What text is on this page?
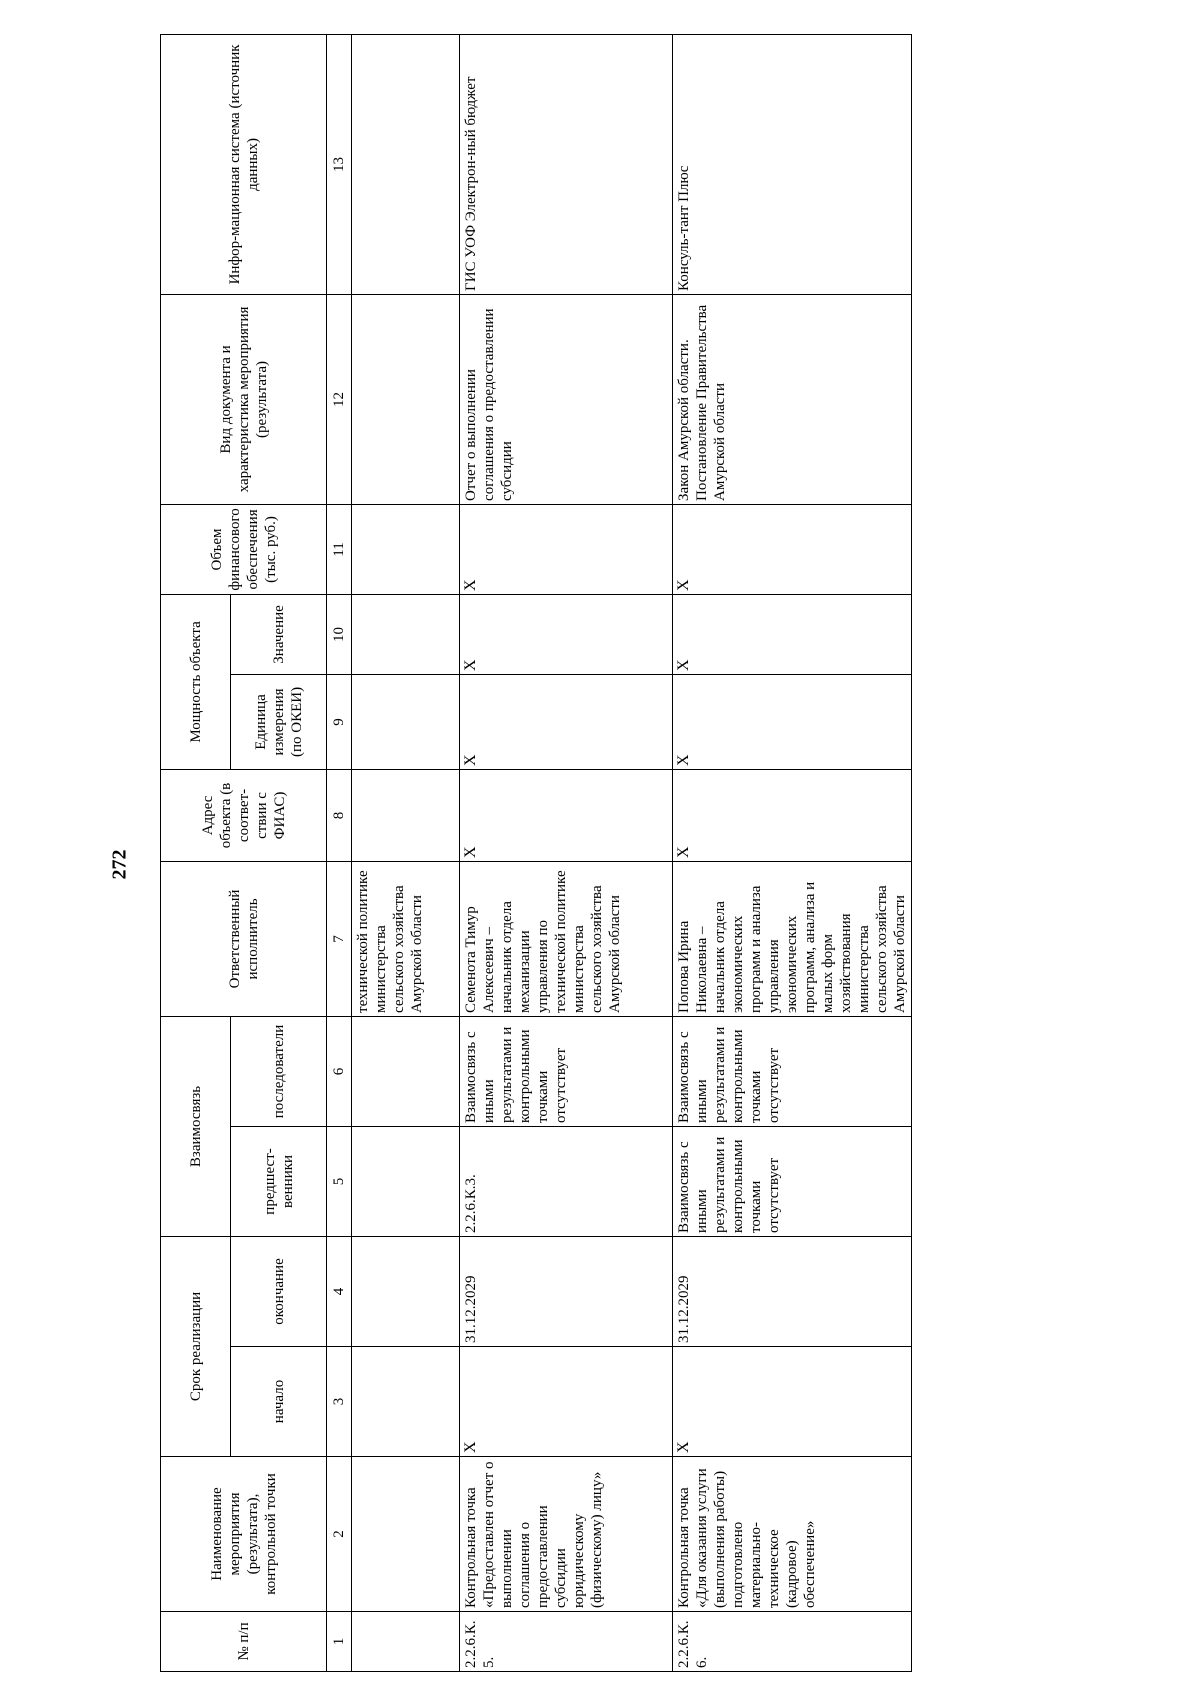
272
№ п/п	Наименование мероприятия (результата), контрольной точки	Срок реализации		Взаимосвязь		Ответственный исполнитель	Адрес объекта (в соответ-ствии с ФИАС)	Мощность объекта		Объем финансового обеспечения (тыс. руб.)	Вид документа и характеристика мероприятия (результата)	Инфор-мационная система (источник данных)
		начало	окончание	предшест-венники	последователи			Единица измерения (по ОКЕИ)	Значение			
1	2	3	4	5	6	7	8	9	10	11	12	13
						технической политике министерства сельского хозяйства Амурской области						
2.2.6.К.5.	Контрольная точка «Предоставлен отчет о выполнении соглашения о предоставлении субсидии юридическому (физическому) лицу»	Х	31.12.2029	2.2.6.К.3.	Взаимосвязь с иными результатами и контрольными точками отсутствует	Семенота Тимур Алексеевич – начальник отдела механизации управления по технической политике министерства сельского хозяйства Амурской области	Х	Х	Х	Х	Отчет о выполнении соглашения о предоставлении субсидии	ГИС УОФ Электрон-ный бюджет
2.2.6.К.6.	Контрольная точка «Для оказания услуги (выполнения работы) подготовлено материально-техническое (кадровое) обеспечение»	Х	31.12.2029	Взаимосвязь с иными результатами и контрольными точками отсутствует	Взаимосвязь с иными результатами и контрольными точками отсутствует	Попова Ирина Николаевна – начальник отдела экономических программ и анализа управления экономических программ, анализа и малых форм хозяйствования министерства сельского хозяйства Амурской области	Х	Х	Х	Х	Закон Амурской области. Постановление Правительства Амурской области	Консуль-тант Плюс
